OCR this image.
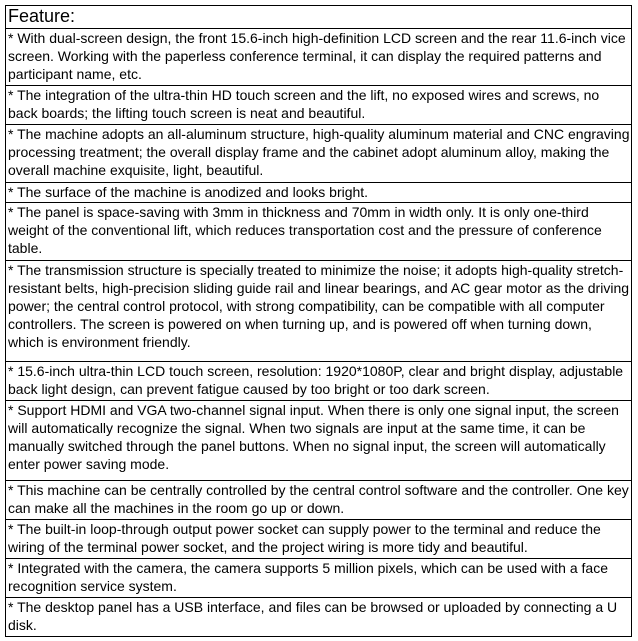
Feature:
* With dual-screen design, the front 15.6-inch high-definition LCD screen and the rear 11.6-inch vice screen. Working with the paperless conference terminal, it can display the required patterns and participant name, etc.
* The integration of the ultra-thin HD touch screen and the lift, no exposed wires and screws, no back boards; the lifting touch screen is neat and beautiful.
* The machine adopts an all-aluminum structure, high-quality aluminum material and CNC engraving processing treatment; the overall display frame and the cabinet adopt aluminum alloy, making the overall machine exquisite, light, beautiful.
* The surface of the machine is anodized and looks bright.
* The panel is space-saving with 3mm in thickness and 70mm in width only. It is only one-third weight of the conventional lift, which reduces transportation cost and the pressure of conference table.
* The transmission structure is specially treated to minimize the noise; it adopts high-quality stretch-resistant belts, high-precision sliding guide rail and linear bearings, and AC gear motor as the driving power; the central control protocol, with strong compatibility, can be compatible with all computer controllers. The screen is powered on when turning up, and is powered off when turning down, which is environment friendly.
* 15.6-inch ultra-thin LCD touch screen, resolution: 1920*1080P, clear and bright display, adjustable back light design, can prevent fatigue caused by too bright or too dark screen.
* Support HDMI and VGA two-channel signal input. When there is only one signal input, the screen will automatically recognize the signal. When two signals are input at the same time, it can be manually switched through the panel buttons. When no signal input, the screen will automatically enter power saving mode.
* This machine can be centrally controlled by the central control software and the controller. One key can make all the machines in the room go up or down.
* The built-in loop-through output power socket can supply power to the terminal and reduce the wiring of the terminal power socket, and the project wiring is more tidy and beautiful.
* Integrated with the camera, the camera supports 5 million pixels, which can be used with a face recognition service system.
* The desktop panel has a USB interface, and files can be browsed or uploaded by connecting a U disk.
